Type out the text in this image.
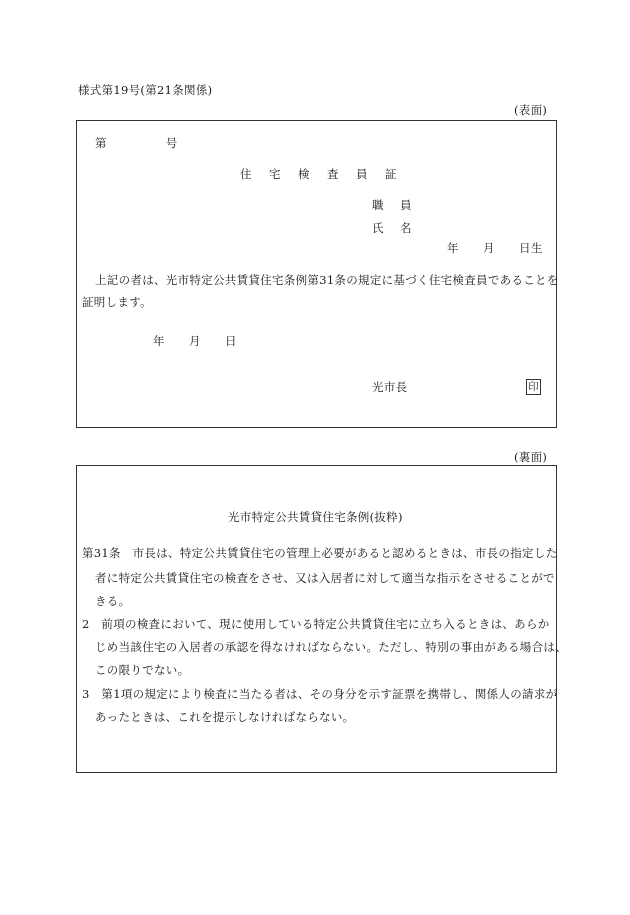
様式第19号(第21条関係)
(表面)
第　　　　　号
住　宅　検　査　員　証
職　員
氏　名
年　　月　　日生
上記の者は、光市特定公共賃貸住宅条例第31条の規定に基づく住宅検査員であることを
証明します。
年　　月　　日
光市長	印
(裏面)
光市特定公共賃貸住宅条例(抜粋)
第31条　市長は、特定公共賃貸住宅の管理上必要があると認めるときは、市長の指定した
者に特定公共賃貸住宅の検査をさせ、又は入居者に対して適当な指示をさせることがで
きる。
2　前項の検査において、現に使用している特定公共賃貸住宅に立ち入るときは、あらか
じめ当該住宅の入居者の承認を得なければならない。ただし、特別の事由がある場合は、
この限りでない。
3　第1項の規定により検査に当たる者は、その身分を示す証票を携帯し、関係人の請求が
あったときは、これを提示しなければならない。
